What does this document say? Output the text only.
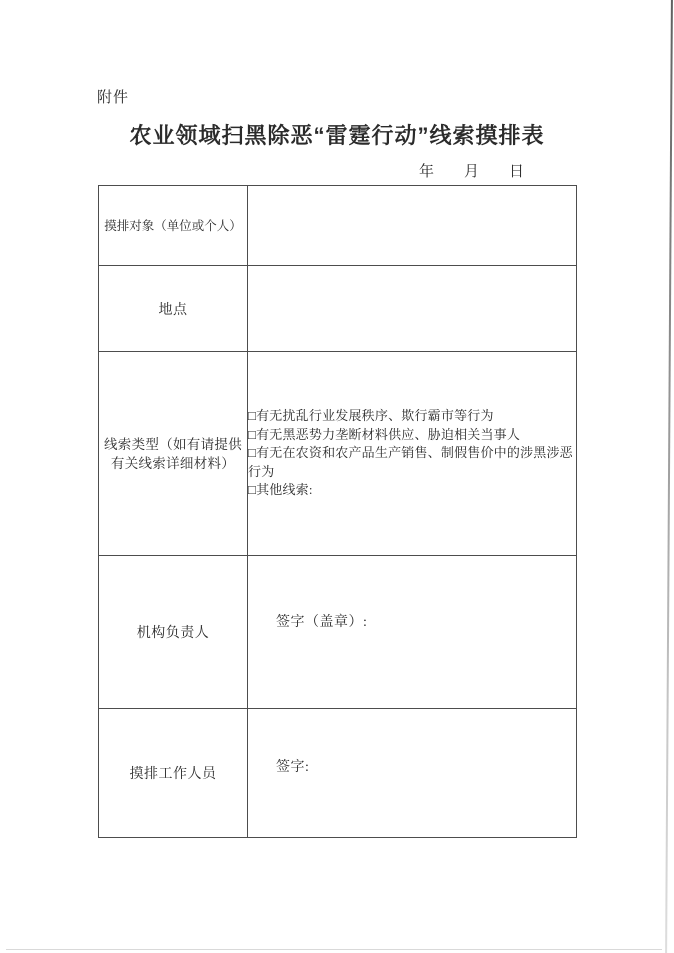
附件
农业领域扫黑除恶“雷霆行动”线索摸排表
年　　月　　日
摸排对象（单位或个人）	
地点	

线索类型（如有请提供有关线索详细材料）	□有无扰乱行业发展秩序、欺行霸市等行为
□有无黑恶势力垄断材料供应、胁迫相关当事人
□有无在农资和农产品生产销售、制假售价中的涉黑涉恶行为
□其他线索:

机构负责人	签字（盖章）:

摸排工作人员	签字:
